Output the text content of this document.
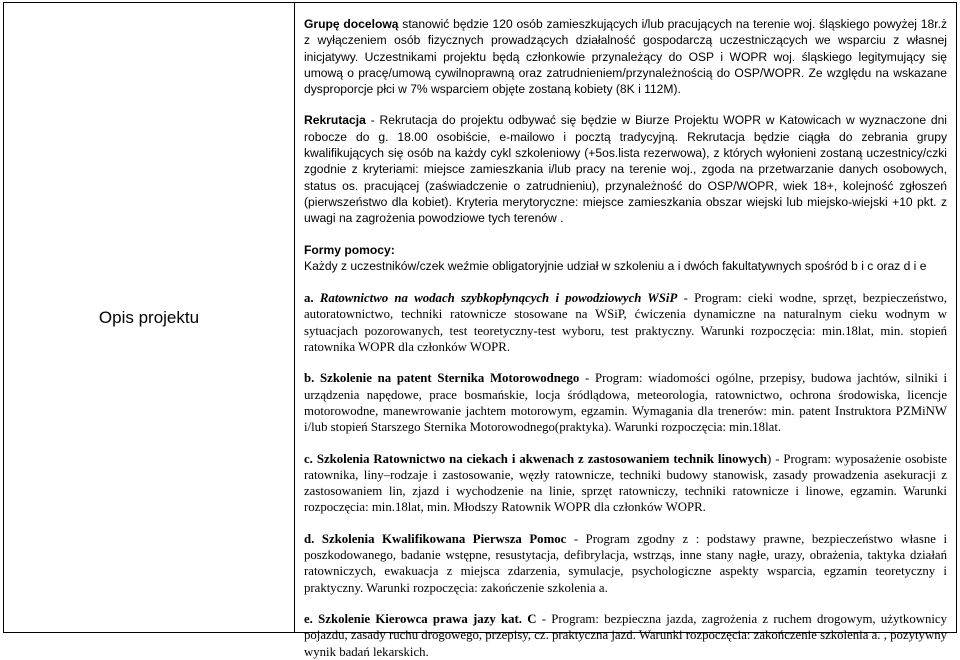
Opis projektu

Grupę docelową stanowić będzie 120 osób zamieszkujących i/lub pracujących na terenie woj. śląskiego powyżej 18r.ż z wyłączeniem osób fizycznych prowadzących działalność gospodarczą uczestniczących we wsparciu z własnej inicjatywy. Uczestnikami projektu będą członkowie przynależący do OSP i WOPR woj. śląskiego legitymujący się umową o pracę/umową cywilnoprawną oraz zatrudnieniem/przynależnością do OSP/WOPR. Ze względu na wskazane dysproporcje płci w 7% wsparciem objęte zostaną kobiety (8K i 112M).

Rekrutacja - Rekrutacja do projektu odbywać się będzie w Biurze Projektu WOPR w Katowicach w wyznaczone dni robocze do g. 18.00 osobiście, e-mailowo i pocztą tradycyjną. Rekrutacja będzie ciągła do zebrania grupy kwalifikujących się osób na każdy cykl szkoleniowy (+5os.lista rezerwowa), z których wyłonieni zostaną uczestnicy/czki zgodnie z kryteriami: miejsce zamieszkania i/lub pracy na terenie woj., zgoda na przetwarzanie danych osobowych, status os. pracującej (zaświadczenie o zatrudnieniu), przynależność do OSP/WOPR, wiek 18+, kolejność zgłoszeń (pierwszeństwo dla kobiet). Kryteria merytoryczne: miejsce zamieszkania obszar wiejski lub miejsko-wiejski +10 pkt. z uwagi na zagrożenia powodziowe tych terenów .

Formy pomocy:
Każdy z uczestników/czek weźmie obligatoryjnie udział w szkoleniu a i dwóch fakultatywnych spośród b i c oraz d i e

a. Ratownictwo na wodach szybkopłynących i powodziowych WSiP - Program: cieki wodne, sprzęt, bezpieczeństwo, autoratownictwo, techniki ratownicze stosowane na WSiP, ćwiczenia dynamiczne na naturalnym cieku wodnym w sytuacjach pozorowanych, test teoretyczny-test wyboru, test praktyczny. Warunki rozpoczęcia: min.18lat, min. stopień ratownika WOPR dla członków WOPR.

b. Szkolenie na patent Sternika Motorowodnego - Program: wiadomości ogólne, przepisy, budowa jachtów, silniki i urządzenia napędowe, prace bosmańskie, locja śródlądowa, meteorologia, ratownictwo, ochrona środowiska, licencje motorowodne, manewrowanie jachtem motorowym, egzamin. Wymagania dla trenerów: min. patent Instruktora PZMiNW i/lub stopień Starszego Sternika Motorowodnego(praktyka). Warunki rozpoczęcia: min.18lat.

c. Szkolenia Ratownictwo na ciekach i akwenach z zastosowaniem technik linowych) - Program: wyposażenie osobiste ratownika, liny–rodzaje i zastosowanie, węzły ratownicze, techniki budowy stanowisk, zasady prowadzenia asekuracji z zastosowaniem lin, zjazd i wychodzenie na linie, sprzęt ratowniczy, techniki ratownicze i linowe, egzamin. Warunki rozpoczęcia: min.18lat, min. Młodszy Ratownik WOPR dla członków WOPR.

d. Szkolenia Kwalifikowana Pierwsza Pomoc - Program zgodny z : podstawy prawne, bezpieczeństwo własne i poszkodowanego, badanie wstępne, resustytacja, defibrylacja, wstrząs, inne stany nagłe, urazy, obrażenia, taktyka działań ratowniczych, ewakuacja z miejsca zdarzenia, symulacje, psychologiczne aspekty wsparcia, egzamin teoretyczny i praktyczny. Warunki rozpoczęcia: zakończenie szkolenia a.

e. Szkolenie Kierowca prawa jazy kat. C - Program: bezpieczna jazda, zagrożenia z ruchem drogowym, użytkownicy pojazdu, zasady ruchu drogowego, przepisy, cz. praktyczna jazd. Warunki rozpoczęcia: zakończenie szkolenia a. , pozytywny wynik badań lekarskich.
